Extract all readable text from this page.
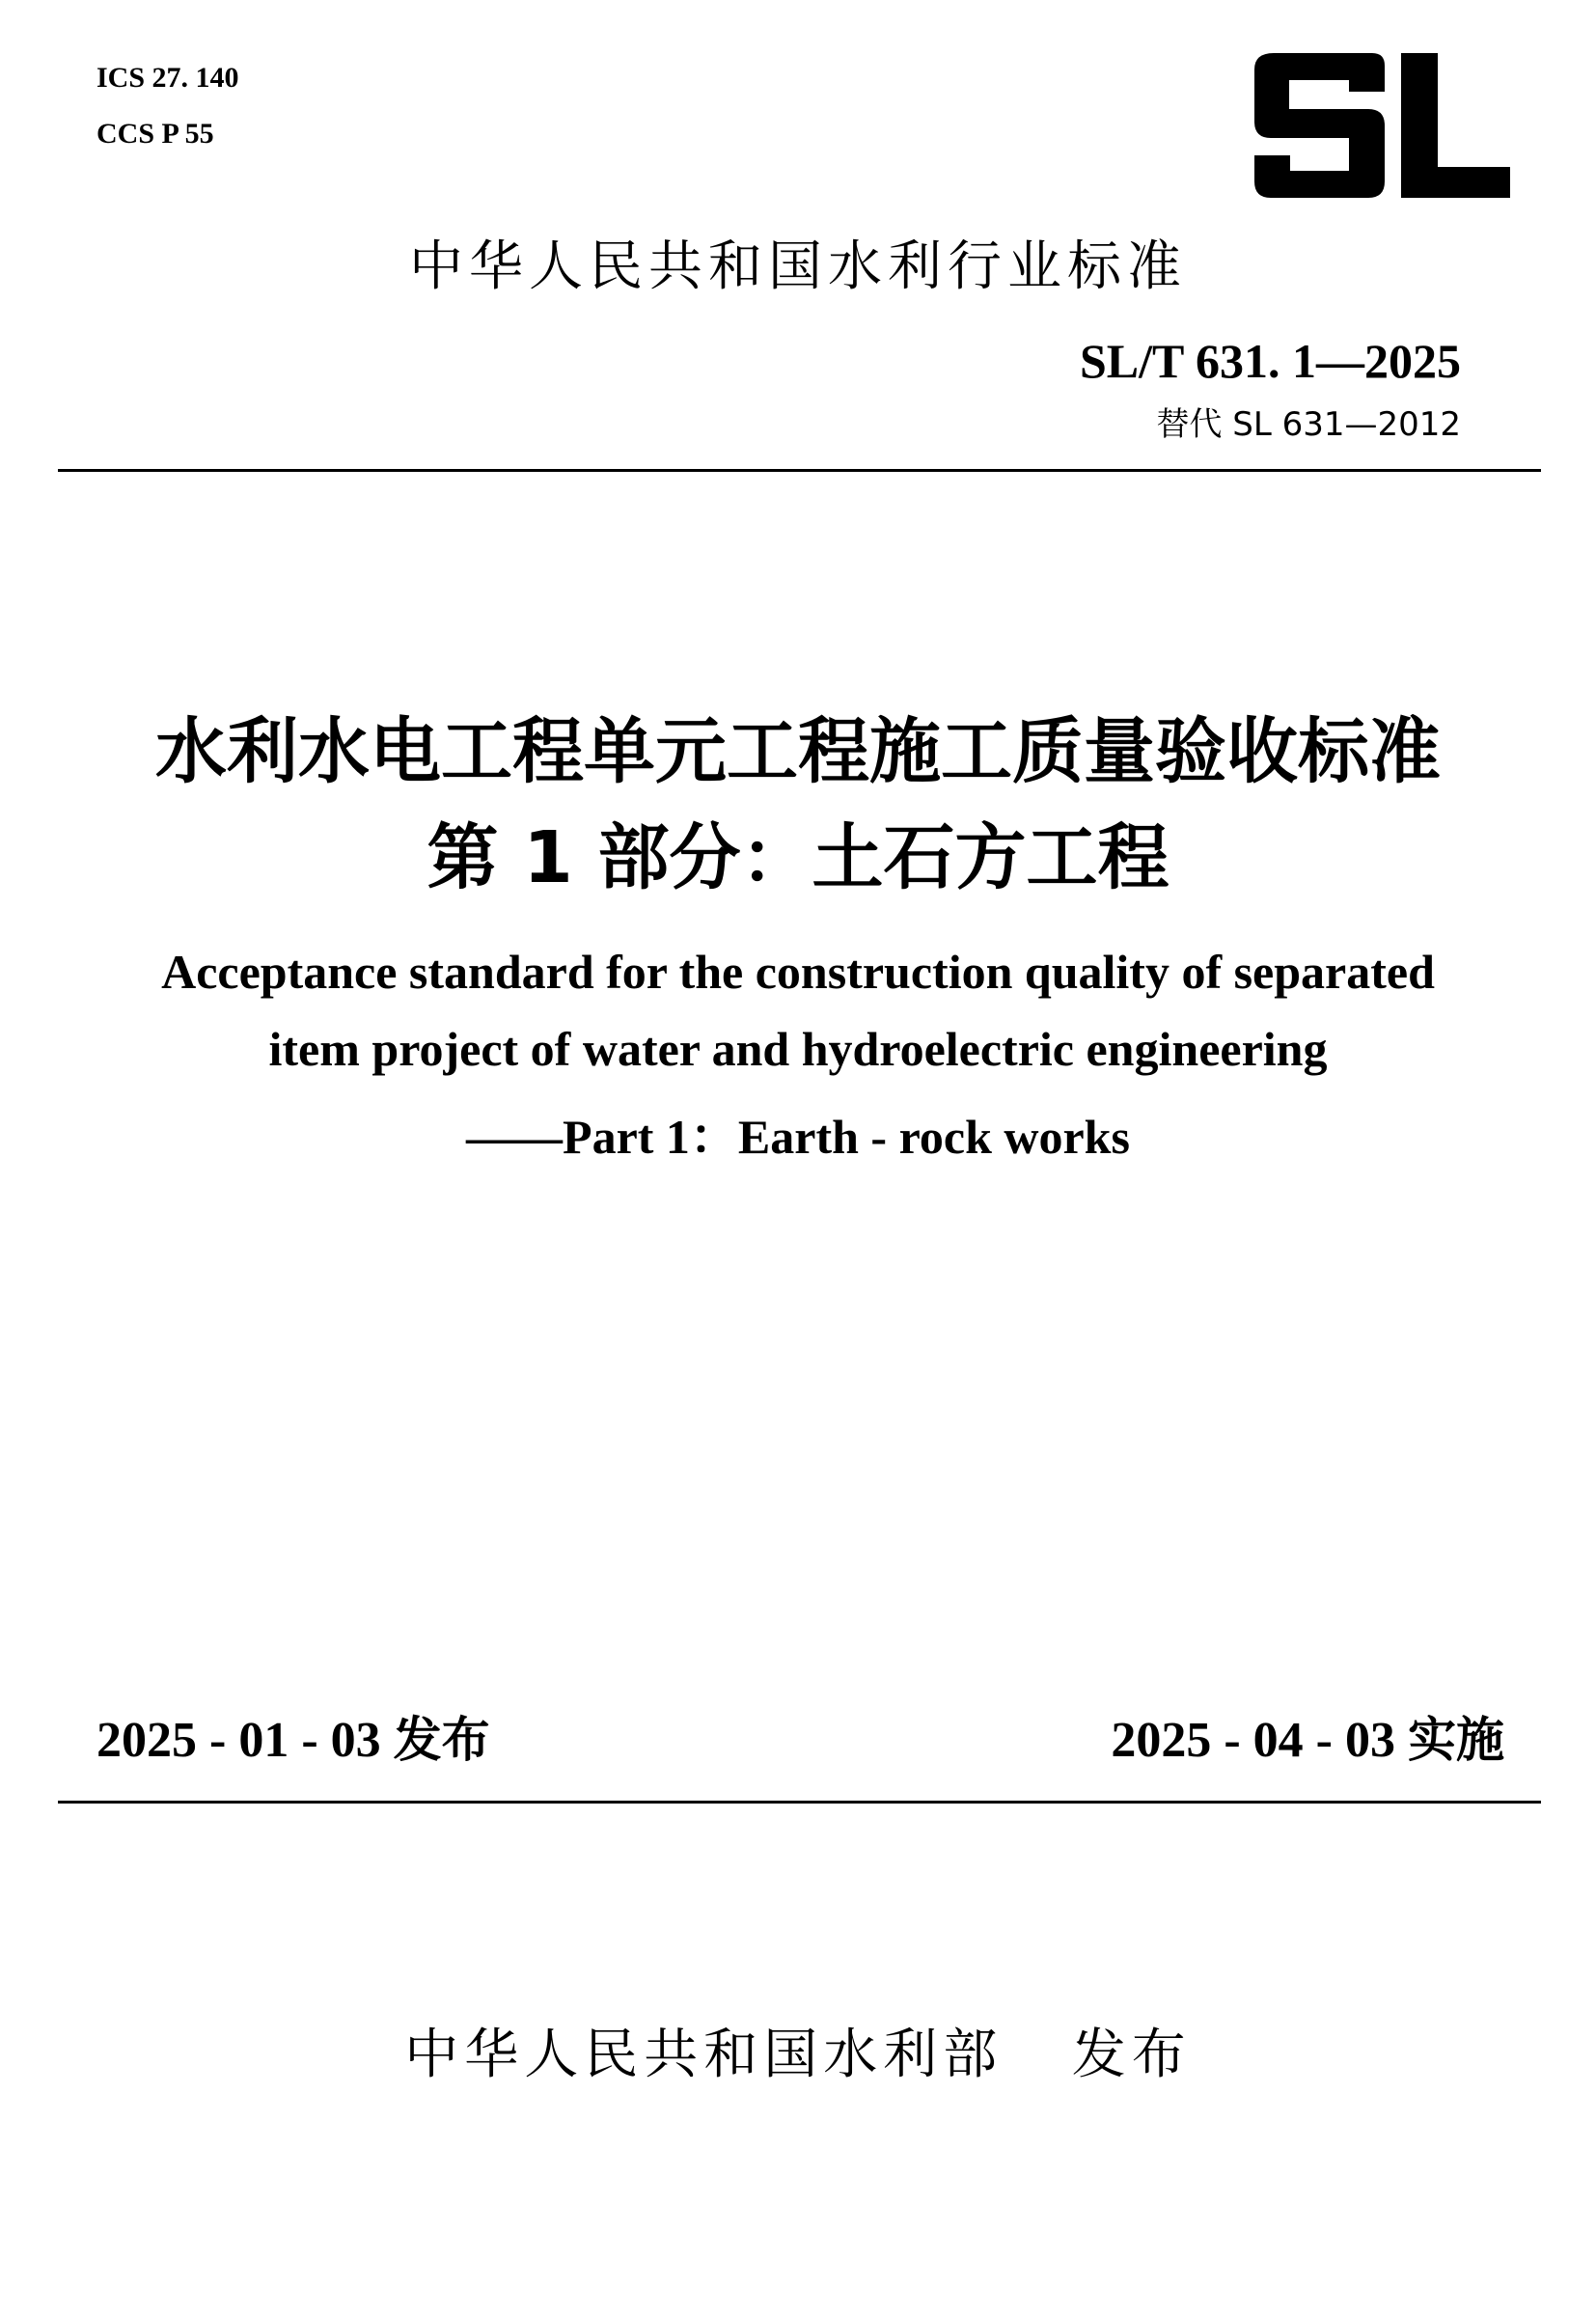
ICS 27. 140
CCS P 55
中华人民共和国水利行业标准
SL/T 631. 1—2025
替代 SL 631—2012
水利水电工程单元工程施工质量验收标准
第 1 部分：土石方工程
Acceptance standard for the construction quality of separated
item project of water and hydroelectric engineering
——Part 1：Earth - rock works
2025 - 01 - 03 发布	2025 - 04 - 03 实施
中华人民共和国水利部 发布
